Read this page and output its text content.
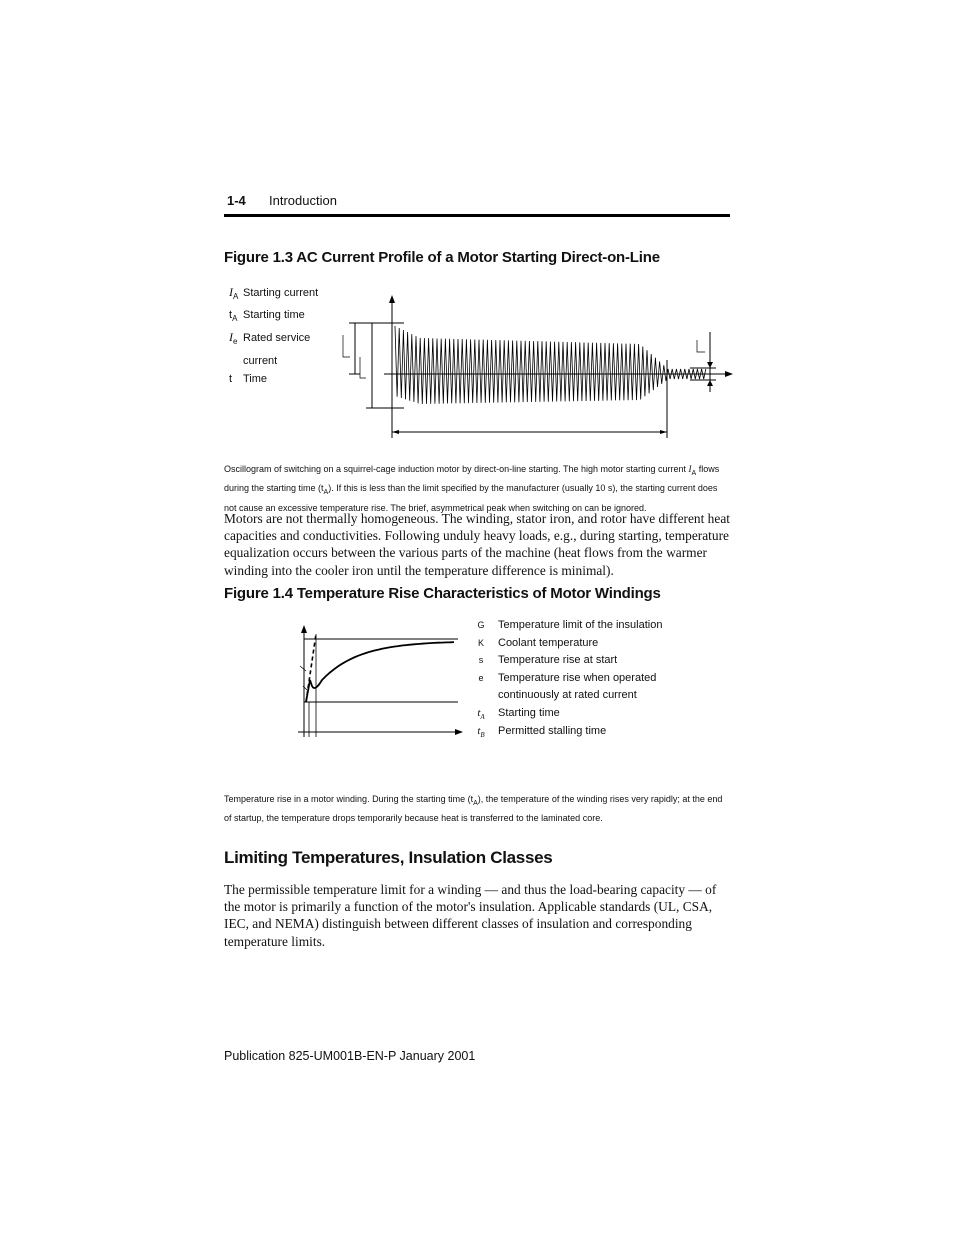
1-4 Introduction
Figure 1.3 AC Current Profile of a Motor Starting Direct-on-Line
$I_A$ Starting current
$t_A$ Starting time
$I_e$ Rated service
current
t Time
Oscillogram of switching on a squirrel-cage induction motor by direct-on-line starting. The high motor starting current $I_A$ flows during the starting time $(t_A)$. If this is less than the limit specified by the manufacturer (usually 10 s), the starting current does not cause an excessive temperature rise. The brief, asymmetrical peak when switching on can be ignored.
Motors are not thermally homogeneous. The winding, stator iron, and rotor have different heat capacities and conductivities. Following unduly heavy loads, e.g., during starting, temperature equalization occurs between the various parts of the machine (heat flows from the warmer winding into the cooler iron until the temperature difference is minimal).
Figure 1.4 Temperature Rise Characteristics of Motor Windings
G	Temperature limit of the insulation
K	Coolant temperature
s	Temperature rise at start
e	Temperature rise when operated
continuously at rated current
$t_A$	Starting time
$t_B$	Permitted stalling time
Temperature rise in a motor winding. During the starting time $(t_A)$, the temperature of the winding rises very rapidly; at the end of startup, the temperature drops temporarily because heat is transferred to the laminated core.
Limiting Temperatures, Insulation Classes
The permissible temperature limit for a winding — and thus the load-bearing capacity — of the motor is primarily a function of the motor's insulation. Applicable standards (UL, CSA, IEC, and NEMA) distinguish between different classes of insulation and corresponding temperature limits.
Publication 825-UM001B-EN-P January 2001
